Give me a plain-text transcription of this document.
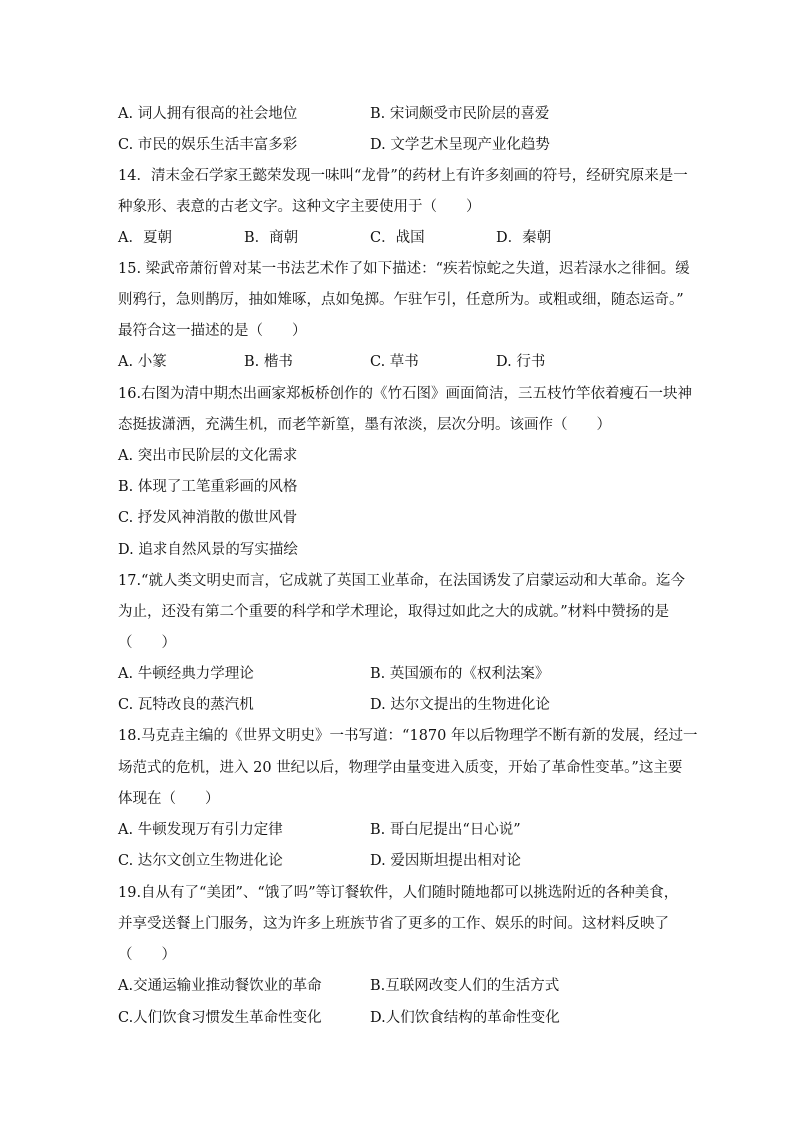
A. 词人拥有很高的社会地位	B. 宋词颇受市民阶层的喜爱
C. 市民的娱乐生活丰富多彩	D. 文学艺术呈现产业化趋势
14．清末金石学家王懿荣发现一味叫“龙骨”的药材上有许多刻画的符号，经研究原来是一
种象形、表意的古老文字。这种文字主要使用于（　　）
A．夏朝	B．商朝	C．战国	D．秦朝
15. 梁武帝萧衍曾对某一书法艺术作了如下描述：“疾若惊蛇之失道，迟若渌水之徘徊。缓
则鸦行，急则鹊厉，抽如雉啄，点如兔掷。乍驻乍引，任意所为。或粗或细，随态运奇。”
最符合这一描述的是（　　）
A. 小篆	B. 楷书	C. 草书	D. 行书
16.右图为清中期杰出画家郑板桥创作的《竹石图》画面简洁，三五枝竹竿依着瘦石一块神
态挺拔潇洒，充满生机，而老竿新篁，墨有浓淡，层次分明。该画作（　　）
A. 突出市民阶层的文化需求
B. 体现了工笔重彩画的风格
C. 抒发风神消散的傲世风骨
D. 追求自然风景的写实描绘
17.“就人类文明史而言，它成就了英国工业革命，在法国诱发了启蒙运动和大革命。迄今
为止，还没有第二个重要的科学和学术理论，取得过如此之大的成就。”材料中赞扬的是
（　　）
A. 牛顿经典力学理论	B. 英国颁布的《权利法案》
C. 瓦特改良的蒸汽机	D. 达尔文提出的生物进化论
18.马克垚主编的《世界文明史》一书写道：“1870 年以后物理学不断有新的发展，经过一
场范式的危机，进入 20 世纪以后，物理学由量变进入质变，开始了革命性变革。”这主要
体现在（　　）
A. 牛顿发现万有引力定律	B. 哥白尼提出“日心说”
C. 达尔文创立生物进化论	D. 爱因斯坦提出相对论
19.自从有了“美团”、“饿了吗”等订餐软件，人们随时随地都可以挑选附近的各种美食，
并享受送餐上门服务，这为许多上班族节省了更多的工作、娱乐的时间。这材料反映了
（　　）
A.交通运输业推动餐饮业的革命	B.互联网改变人们的生活方式
C.人们饮食习惯发生革命性变化	D.人们饮食结构的革命性变化
